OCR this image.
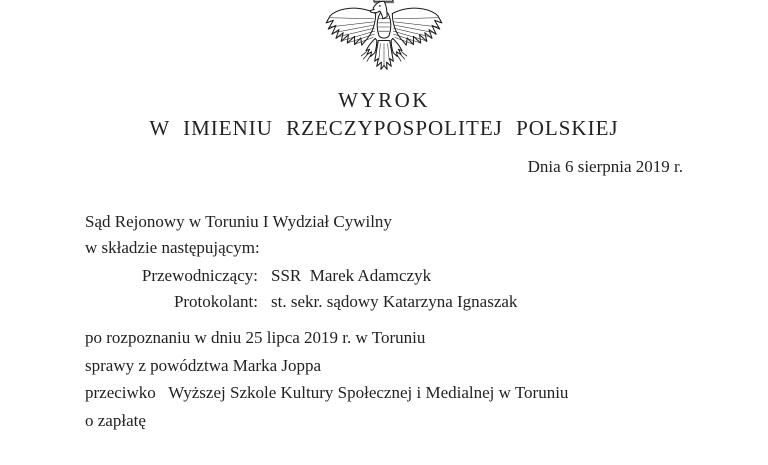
WYROK
W IMIENIU RZECZYPOSPOLITEJ POLSKIEJ
Dnia 6 sierpnia 2019 r.
Sąd Rejonowy w Toruniu I Wydział Cywilny
w składzie następującym:
Przewodniczący: SSR  Marek Adamczyk
Protokolant: st. sekr. sądowy Katarzyna Ignaszak
po rozpoznaniu w dniu 25 lipca 2019 r. w Toruniu
sprawy z powództwa Marka Joppa
przeciwko   Wyższej Szkole Kultury Społecznej i Medialnej w Toruniu
o zapłatę
